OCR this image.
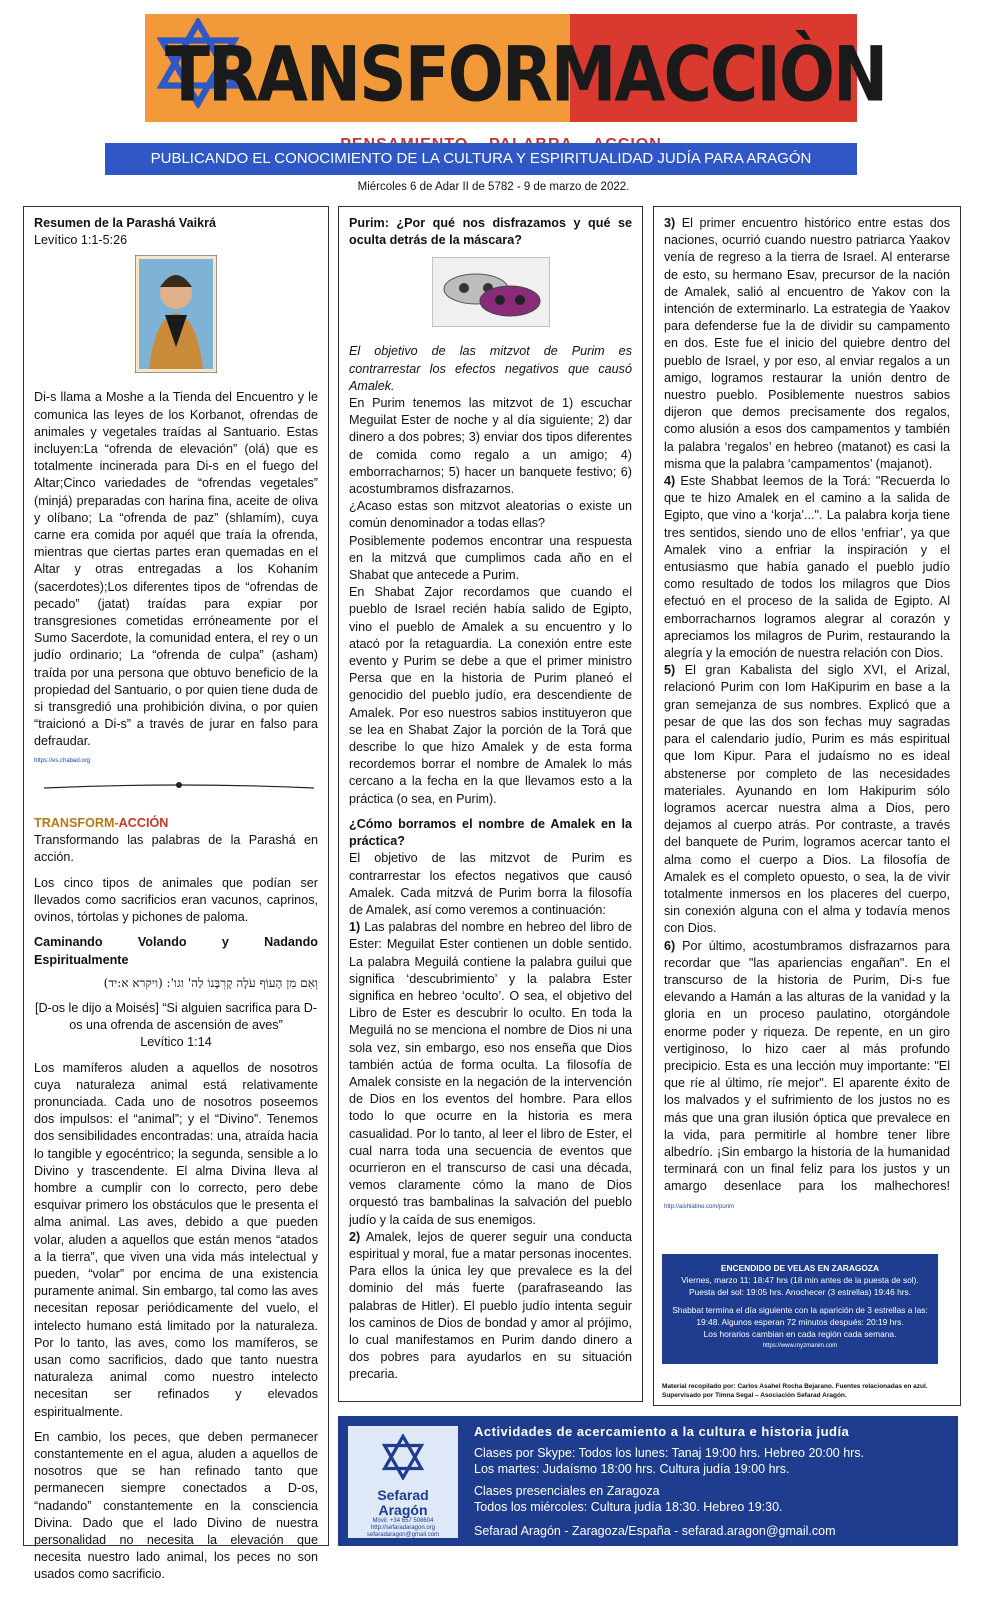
TRANSFORMACCIÒN
PUBLICANDO EL CONOCIMIENTO DE LA CULTURA Y ESPIRITUALIDAD JUDÍA PARA ARAGÓN
Miércoles 6 de Adar II de 5782 - 9 de marzo de 2022.

Resumen de la Parashá Vaikrá

Levítico 1:1-5:26

Di-s llama a Moshe a la Tienda del Encuentro y le comunica las leyes de los Korbanot, ofrendas de animales y vegetales traídas al Santuario. Estas incluyen:La “ofrenda de elevación” (olá) que es totalmente incinerada para Di-s en el fuego del Altar;Cinco variedades de “ofrendas vegetales” (minjá) preparadas con harina fina, aceite de oliva y olíbano; La “ofrenda de paz” (shlamím), cuya carne era comida por aquél que traía la ofrenda, mientras que ciertas partes eran quemadas en el Altar y otras entregadas a los Kohaním (sacerdotes);Los diferentes tipos de “ofrendas de pecado” (jatat) traídas para expiar por transgresiones cometidas erróneamente por el Sumo Sacerdote, la comunidad entera, el rey o un judío ordinario; La “ofrenda de culpa” (asham) traída por una persona que obtuvo beneficio de la propiedad del Santuario, o por quien tiene duda de si transgredió una prohibición divina, o por quien “traicionó a Di-s” a través de jurar en falso para defraudar.

https://es.chabad.org

TRANSFORM-ACCIÓN

Transformando las palabras de la Parashá en acción.

Los cinco tipos de animales que podían ser llevados como sacrificios eran vacunos, caprinos, ovinos, tórtolas y pichones de paloma.

Caminando Volando y Nadando Espiritualmente

וְאִם מִן הָעוֹף עֹלָה קָרְבָּנוֹ לַה' וגו': (ויקרא א:יד)

[D-os le dijo a Moisés] “Si alguien sacrifica para D-os una ofrenda de ascensión de aves”

Levítico 1:14

Los mamíferos aluden a aquellos de nosotros cuya naturaleza animal está relativamente pronunciada. Cada uno de nosotros poseemos dos impulsos: el “animal”; y el “Divino”. Tenemos dos sensibilidades encontradas: una, atraída hacia lo tangible y egocéntrico; la segunda, sensible a lo Divino y trascendente. El alma Divina lleva al hombre a cumplir con lo correcto, pero debe esquivar primero los obstáculos que le presenta el alma animal. Las aves, debido a que pueden volar, aluden a aquellos que están menos “atados a la tierra”, que viven una vida más intelectual y pueden, “volar” por encima de una existencia puramente animal. Sin embargo, tal como las aves necesitan reposar periódicamente del vuelo, el intelecto humano está limitado por la naturaleza. Por lo tanto, las aves, como los mamíferos, se usan como sacrificios, dado que tanto nuestra naturaleza animal como nuestro intelecto necesitan ser refinados y elevados espiritualmente.

En cambio, los peces, que deben permanecer constantemente en el agua, aluden a aquellos de nosotros que se han refinado tanto que permanecen siempre conectados a D-os, “nadando” constantemente en la consciencia Divina. Dado que el lado Divino de nuestra personalidad no necesita la elevación que necesita nuestro lado animal, los peces no son usados como sacrificio.

Purim: ¿Por qué nos disfrazamos y qué se oculta detrás de la máscara?

El objetivo de las mitzvot de Purim es contrarrestar los efectos negativos que causó Amalek.

En Purim tenemos las mitzvot de 1) escuchar Meguilat Ester de noche y al día siguiente; 2) dar dinero a dos pobres; 3) enviar dos tipos diferentes de comida como regalo a un amigo; 4) emborracharnos; 5) hacer un banquete festivo; 6) acostumbramos disfrazarnos.

¿Acaso estas son mitzvot aleatorias o existe un común denominador a todas ellas?

Posiblemente podemos encontrar una respuesta en la mitzvá que cumplimos cada año en el Shabat que antecede a Purim.

En Shabat Zajor recordamos que cuando el pueblo de Israel recién había salido de Egipto, vino el pueblo de Amalek a su encuentro y lo atacó por la retaguardia. La conexión entre este evento y Purim se debe a que el primer ministro Persa que en la historia de Purim planeó el genocidio del pueblo judío, era descendiente de Amalek. Por eso nuestros sabios instituyeron que se lea en Shabat Zajor la porción de la Torá que describe lo que hizo Amalek y de esta forma recordemos borrar el nombre de Amalek lo más cercano a la fecha en la que llevamos esto a la práctica (o sea, en Purim).

¿Cómo borramos el nombre de Amalek en la práctica?

El objetivo de las mitzvot de Purim es contrarrestar los efectos negativos que causó Amalek. Cada mitzvá de Purim borra la filosofía de Amalek, así como veremos a continuación:

1) Las palabras del nombre en hebreo del libro de Ester: Meguilat Ester contienen un doble sentido. La palabra Meguilá contiene la palabra guilui que significa ‘descubrimiento’ y la palabra Ester significa en hebreo ‘oculto’. O sea, el objetivo del Libro de Ester es descubrir lo oculto. En toda la Meguilá no se menciona el nombre de Dios ni una sola vez, sin embargo, eso nos enseña que Dios también actúa de forma oculta. La filosofía de Amalek consiste en la negación de la intervención de Dios en los eventos del hombre. Para ellos todo lo que ocurre en la historia es mera casualidad. Por lo tanto, al leer el libro de Ester, el cual narra toda una secuencia de eventos que ocurrieron en el transcurso de casi una década, vemos claramente cómo la mano de Dios orquestó tras bambalinas la salvación del pueblo judío y la caída de sus enemigos.

2) Amalek, lejos de querer seguir una conducta espiritual y moral, fue a matar personas inocentes. Para ellos la única ley que prevalece es la del dominio del más fuerte (parafraseando las palabras de Hitler). El pueblo judío intenta seguir los caminos de Dios de bondad y amor al prójimo, lo cual manifestamos en Purim dando dinero a dos pobres para ayudarlos en su situación precaria.

3) El primer encuentro histórico entre estas dos naciones, ocurrió cuando nuestro patriarca Yaakov venía de regreso a la tierra de Israel. Al enterarse de esto, su hermano Esav, precursor de la nación de Amalek, salió al encuentro de Yakov con la intención de exterminarlo. La estrategia de Yaakov para defenderse fue la de dividir su campamento en dos. Este fue el inicio del quiebre dentro del pueblo de Israel, y por eso, al enviar regalos a un amigo, logramos restaurar la unión dentro de nuestro pueblo. Posiblemente nuestros sabios dijeron que demos precisamente dos regalos, como alusión a esos dos campamentos y también la palabra ‘regalos’ en hebreo (matanot) es casi la misma que la palabra ‘campamentos’ (majanot).

4) Este Shabbat leemos de la Torá: "Recuerda lo que te hizo Amalek en el camino a la salida de Egipto, que vino a ‘korja’...". La palabra korja tiene tres sentidos, siendo uno de ellos ‘enfriar’, ya que Amalek vino a enfriar la inspiración y el entusiasmo que había ganado el pueblo judío como resultado de todos los milagros que Dios efectuó en el proceso de la salida de Egipto. Al emborracharnos logramos alegrar al corazón y apreciamos los milagros de Purim, restaurando la alegría y la emoción de nuestra relación con Dios.

5) El gran Kabalista del siglo XVI, el Arizal, relacionó Purim con Iom HaKipurim en base a la gran semejanza de sus nombres. Explicó que a pesar de que las dos son fechas muy sagradas para el calendario judío, Purim es más espiritual que Iom Kipur. Para el judaísmo no es ideal abstenerse por completo de las necesidades materiales. Ayunando en Iom Hakipurim sólo logramos acercar nuestra alma a Dios, pero dejamos al cuerpo atrás. Por contraste, a través del banquete de Purim, logramos acercar tanto el alma como el cuerpo a Dios. La filosofía de Amalek es el completo opuesto, o sea, la de vivir totalmente inmersos en los placeres del cuerpo, sin conexión alguna con el alma y todavía menos con Dios.

6) Por último, acostumbramos disfrazarnos para recordar que "las apariencias engañan". En el transcurso de la historia de Purim, Di-s fue elevando a Hamán a las alturas de la vanidad y la gloria en un proceso paulatino, otorgándole enorme poder y riqueza. De repente, en un giro vertiginoso, lo hizo caer al más profundo precipicio. Esta es una lección muy importante: "El que ríe al último, ríe mejor". El aparente éxito de los malvados y el sufrimiento de los justos no es más que una gran ilusión óptica que prevalece en la vida, para permitirle al hombre tener libre albedrío. ¡Sin embargo la historia de la humanidad terminará con un final feliz para los justos y un amargo desenlace para los malhechores! http://aishlatino.com/purim

ENCENDIDO DE VELAS EN ZARAGOZA
Viernes, marzo 11: 18:47 hrs (18 min antes de la puesta de sol).
Puesta del sol: 19:05 hrs. Anochecer (3 estrellas) 19:46 hrs.
Shabbat termina el día siguiente con la aparición de 3 estrellas a las: 19:48. Algunos esperan 72 minutos después: 20:19 hrs.
Los horarios cambian en cada región cada semana.
https://www.myzmanim.com
Material recopilado por: Carlos Asahel Rocha Bejarano. Fuentes relacionadas en azul.
Supervisado por Timna Segal – Asociación Sefarad Aragón.
Sefarad
Aragón
Móvil: +34 657 508604
http://sefaradaragon.org
sefaradaragon@gmail.com
Actividades de acercamiento a la cultura e historia judía
Clases por Skype: Todos los lunes: Tanaj 19:00 hrs. Hebreo 20:00 hrs.
Los martes: Judaísmo 18:00 hrs. Cultura judía 19:00 hrs.
Clases presenciales en Zaragoza
Todos los miércoles: Cultura judía 18:30. Hebreo 19:30.
Sefarad Aragón - Zaragoza/España - sefarad.aragon@gmail.com
